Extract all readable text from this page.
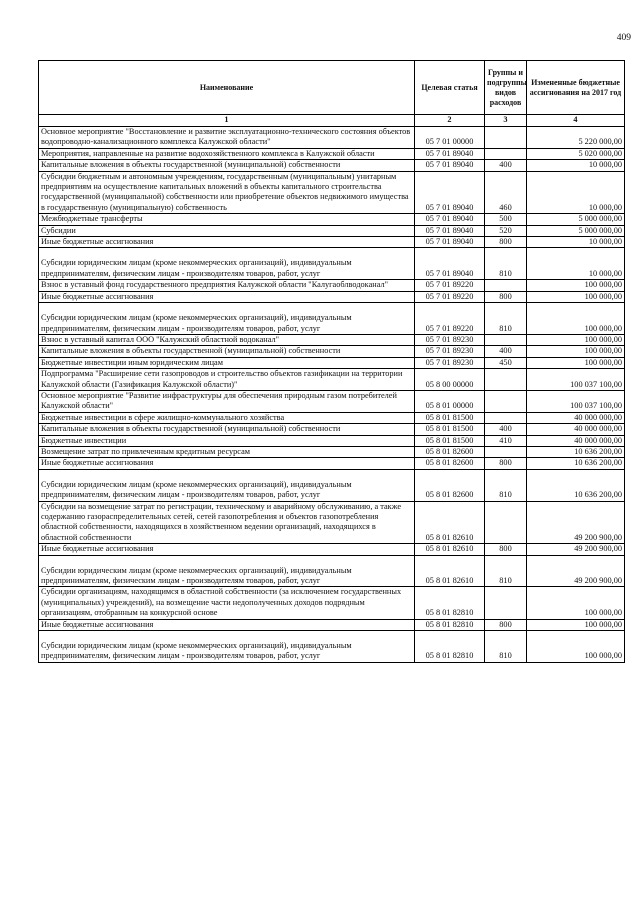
409
Наименование	Целевая статья	Группы и подгруппы видов расходов	Измененные бюджетные ассигнования на 2017 год
1	2	3	4
Основное мероприятие "Восстановление и развитие эксплуатационно-технического состояния объектов водопроводно-канализационного комплекса Калужской области"	05 7 01 00000		5 220 000,00
Мероприятия, направленные на развитие водохозяйственного комплекса в Калужской области	05 7 01 89040		5 020 000,00
Капитальные вложения в объекты государственной (муниципальной) собственности	05 7 01 89040	400	10 000,00
Субсидии бюджетным и автономным учреждениям, государственным (муниципальным) унитарным предприятиям на осуществление капитальных вложений в объекты капитального строительства государственной (муниципальной) собственности или приобретение объектов недвижимого имущества в государственную (муниципальную) собственность	05 7 01 89040	460	10 000,00
Межбюджетные трансферты	05 7 01 89040	500	5 000 000,00
Субсидии	05 7 01 89040	520	5 000 000,00
Иные бюджетные ассигнования	05 7 01 89040	800	10 000,00
Субсидии юридическим лицам (кроме некоммерческих организаций), индивидуальным предпринимателям, физическим лицам - производителям товаров, работ, услуг	05 7 01 89040	810	10 000,00
Взнос в уставный фонд государственного предприятия Калужской области "Калугаоблводоканал"	05 7 01 89220		100 000,00
Иные бюджетные ассигнования	05 7 01 89220	800	100 000,00
Субсидии юридическим лицам (кроме некоммерческих организаций), индивидуальным предпринимателям, физическим лицам - производителям товаров, работ, услуг	05 7 01 89220	810	100 000,00
Взнос в уставный капитал ООО "Калужский областной водоканал"	05 7 01 89230		100 000,00
Капитальные вложения в объекты государственной (муниципальной) собственности	05 7 01 89230	400	100 000,00
Бюджетные инвестиции иным юридическим лицам	05 7 01 89230	450	100 000,00
Подпрограмма "Расширение сети газопроводов и строительство объектов газификации на территории Калужской области (Газификация Калужской области)"	05 8 00 00000		100 037 100,00
Основное мероприятие "Развитие инфраструктуры для обеспечения природным газом потребителей Калужской области"	05 8 01 00000		100 037 100,00
Бюджетные инвестиции в сфере жилищно-коммунального хозяйства	05 8 01 81500		40 000 000,00
Капитальные вложения в объекты государственной (муниципальной) собственности	05 8 01 81500	400	40 000 000,00
Бюджетные инвестиции	05 8 01 81500	410	40 000 000,00
Возмещение затрат по привлеченным кредитным ресурсам	05 8 01 82600		10 636 200,00
Иные бюджетные ассигнования	05 8 01 82600	800	10 636 200,00
Субсидии юридическим лицам (кроме некоммерческих организаций), индивидуальным предпринимателям, физическим лицам - производителям товаров, работ, услуг	05 8 01 82600	810	10 636 200,00
Субсидии на возмещение затрат по регистрации, техническому и аварийному обслуживанию, а также содержанию газораспределительных сетей, сетей газопотребления и объектов газопотребления областной собственности, находящихся в хозяйственном ведении организаций, находящихся в областной собственности	05 8 01 82610		49 200 900,00
Иные бюджетные ассигнования	05 8 01 82610	800	49 200 900,00
Субсидии юридическим лицам (кроме некоммерческих организаций), индивидуальным предпринимателям, физическим лицам - производителям товаров, работ, услуг	05 8 01 82610	810	49 200 900,00
Субсидии организациям, находящимся в областной собственности (за исключением государственных (муниципальных) учреждений), на возмещение части недополученных доходов подрядным организациям, отобранным на конкурсной основе	05 8 01 82810		100 000,00
Иные бюджетные ассигнования	05 8 01 82810	800	100 000,00
Субсидии юридическим лицам (кроме некоммерческих организаций), индивидуальным предпринимателям, физическим лицам - производителям товаров, работ, услуг	05 8 01 82810	810	100 000,00
